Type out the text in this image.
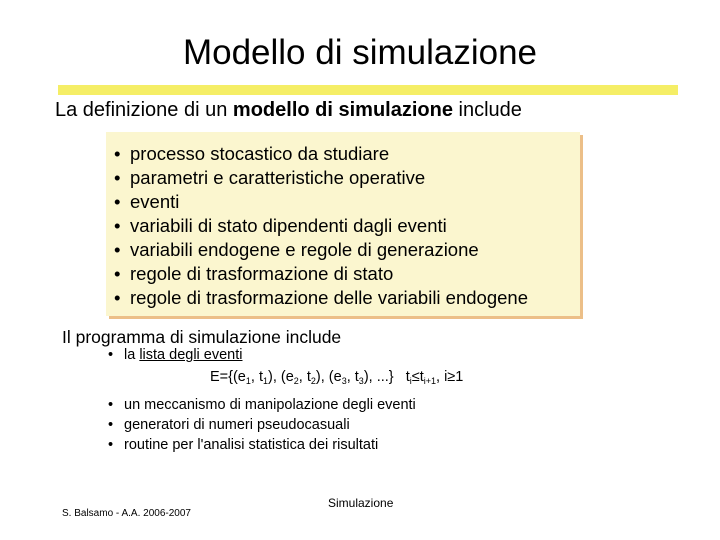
Modello di simulazione
La definizione di un modello di simulazione include
• processo stocastico da studiare
• parametri e caratteristiche operative
• eventi
• variabili di stato dipendenti dagli eventi
• variabili endogene e regole di generazione
• regole di trasformazione di stato
• regole di trasformazione delle variabili endogene
Il programma di simulazione include
• la lista degli eventi
$E=\{(e_1$, $t_1$), ($e_2$, $t_2$), ($e_3$, $t_3$), ...}   $t_i\le t_{i+1}$, i≥1
• un meccanismo di manipolazione degli eventi
• generatori di numeri pseudocasuali
• routine per l'analisi statistica dei risultati
Simulazione
S. Balsamo - A.A. 2006-2007
